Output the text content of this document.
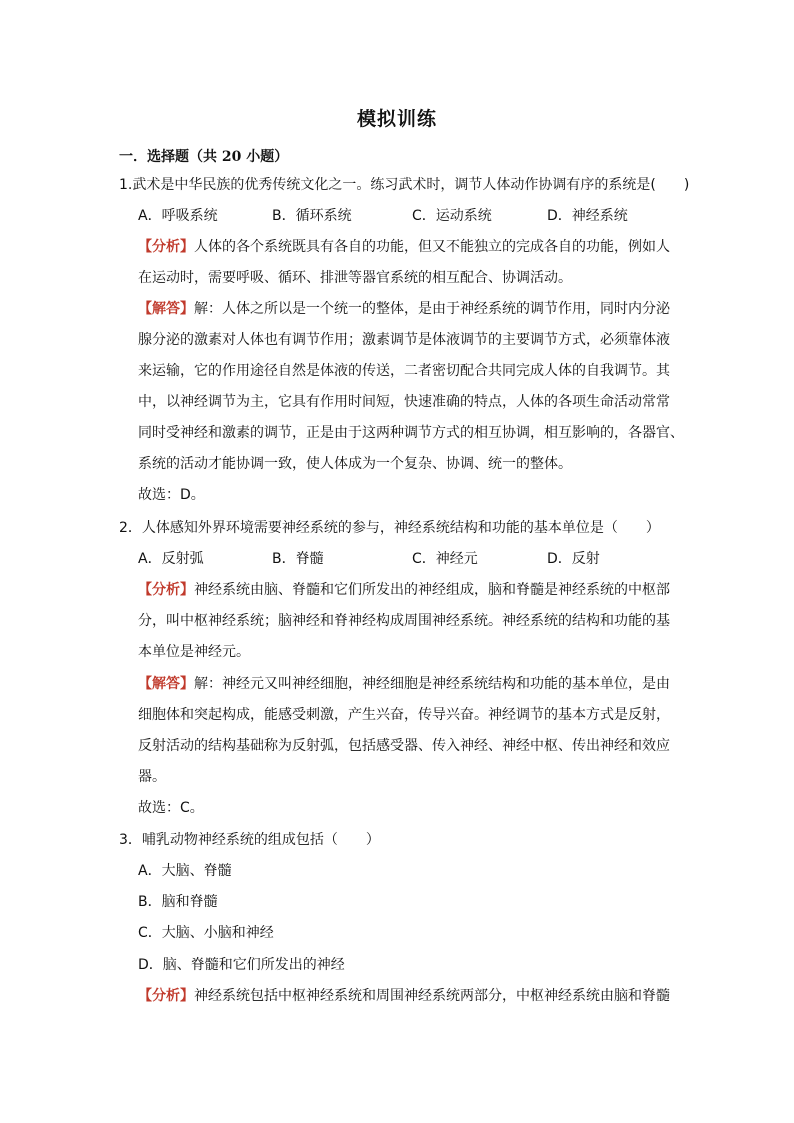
模拟训练
一．选择题（共 20 小题）
1.武术是中华民族的优秀传统文化之一。练习武术时，调节人体动作协调有序的系统是(　　)
A．呼吸系统	B．循环系统	C．运动系统	D．神经系统
【分析】人体的各个系统既具有各自的功能，但又不能独立的完成各自的功能，例如人
在运动时，需要呼吸、循环、排泄等器官系统的相互配合、协调活动。
【解答】解：人体之所以是一个统一的整体，是由于神经系统的调节作用，同时内分泌
腺分泌的激素对人体也有调节作用；激素调节是体液调节的主要调节方式，必须靠体液
来运输，它的作用途径自然是体液的传送，二者密切配合共同完成人体的自我调节。其
中，以神经调节为主，它具有作用时间短，快速准确的特点，人体的各项生命活动常常
同时受神经和激素的调节，正是由于这两种调节方式的相互协调，相互影响的，各器官、
系统的活动才能协调一致，使人体成为一个复杂、协调、统一的整体。
故选：D。
2．人体感知外界环境需要神经系统的参与，神经系统结构和功能的基本单位是（　　）
A．反射弧	B．脊髓	C．神经元	D．反射
【分析】神经系统由脑、脊髓和它们所发出的神经组成，脑和脊髓是神经系统的中枢部
分，叫中枢神经系统；脑神经和脊神经构成周围神经系统。神经系统的结构和功能的基
本单位是神经元。
【解答】解：神经元又叫神经细胞，神经细胞是神经系统结构和功能的基本单位，是由
细胞体和突起构成，能感受刺激，产生兴奋，传导兴奋。神经调节的基本方式是反射，
反射活动的结构基础称为反射弧，包括感受器、传入神经、神经中枢、传出神经和效应
器。
故选：C。
3．哺乳动物神经系统的组成包括（　　）
A．大脑、脊髓
B．脑和脊髓
C．大脑、小脑和神经
D．脑、脊髓和它们所发出的神经
【分析】神经系统包括中枢神经系统和周围神经系统两部分，中枢神经系统由脑和脊髓
